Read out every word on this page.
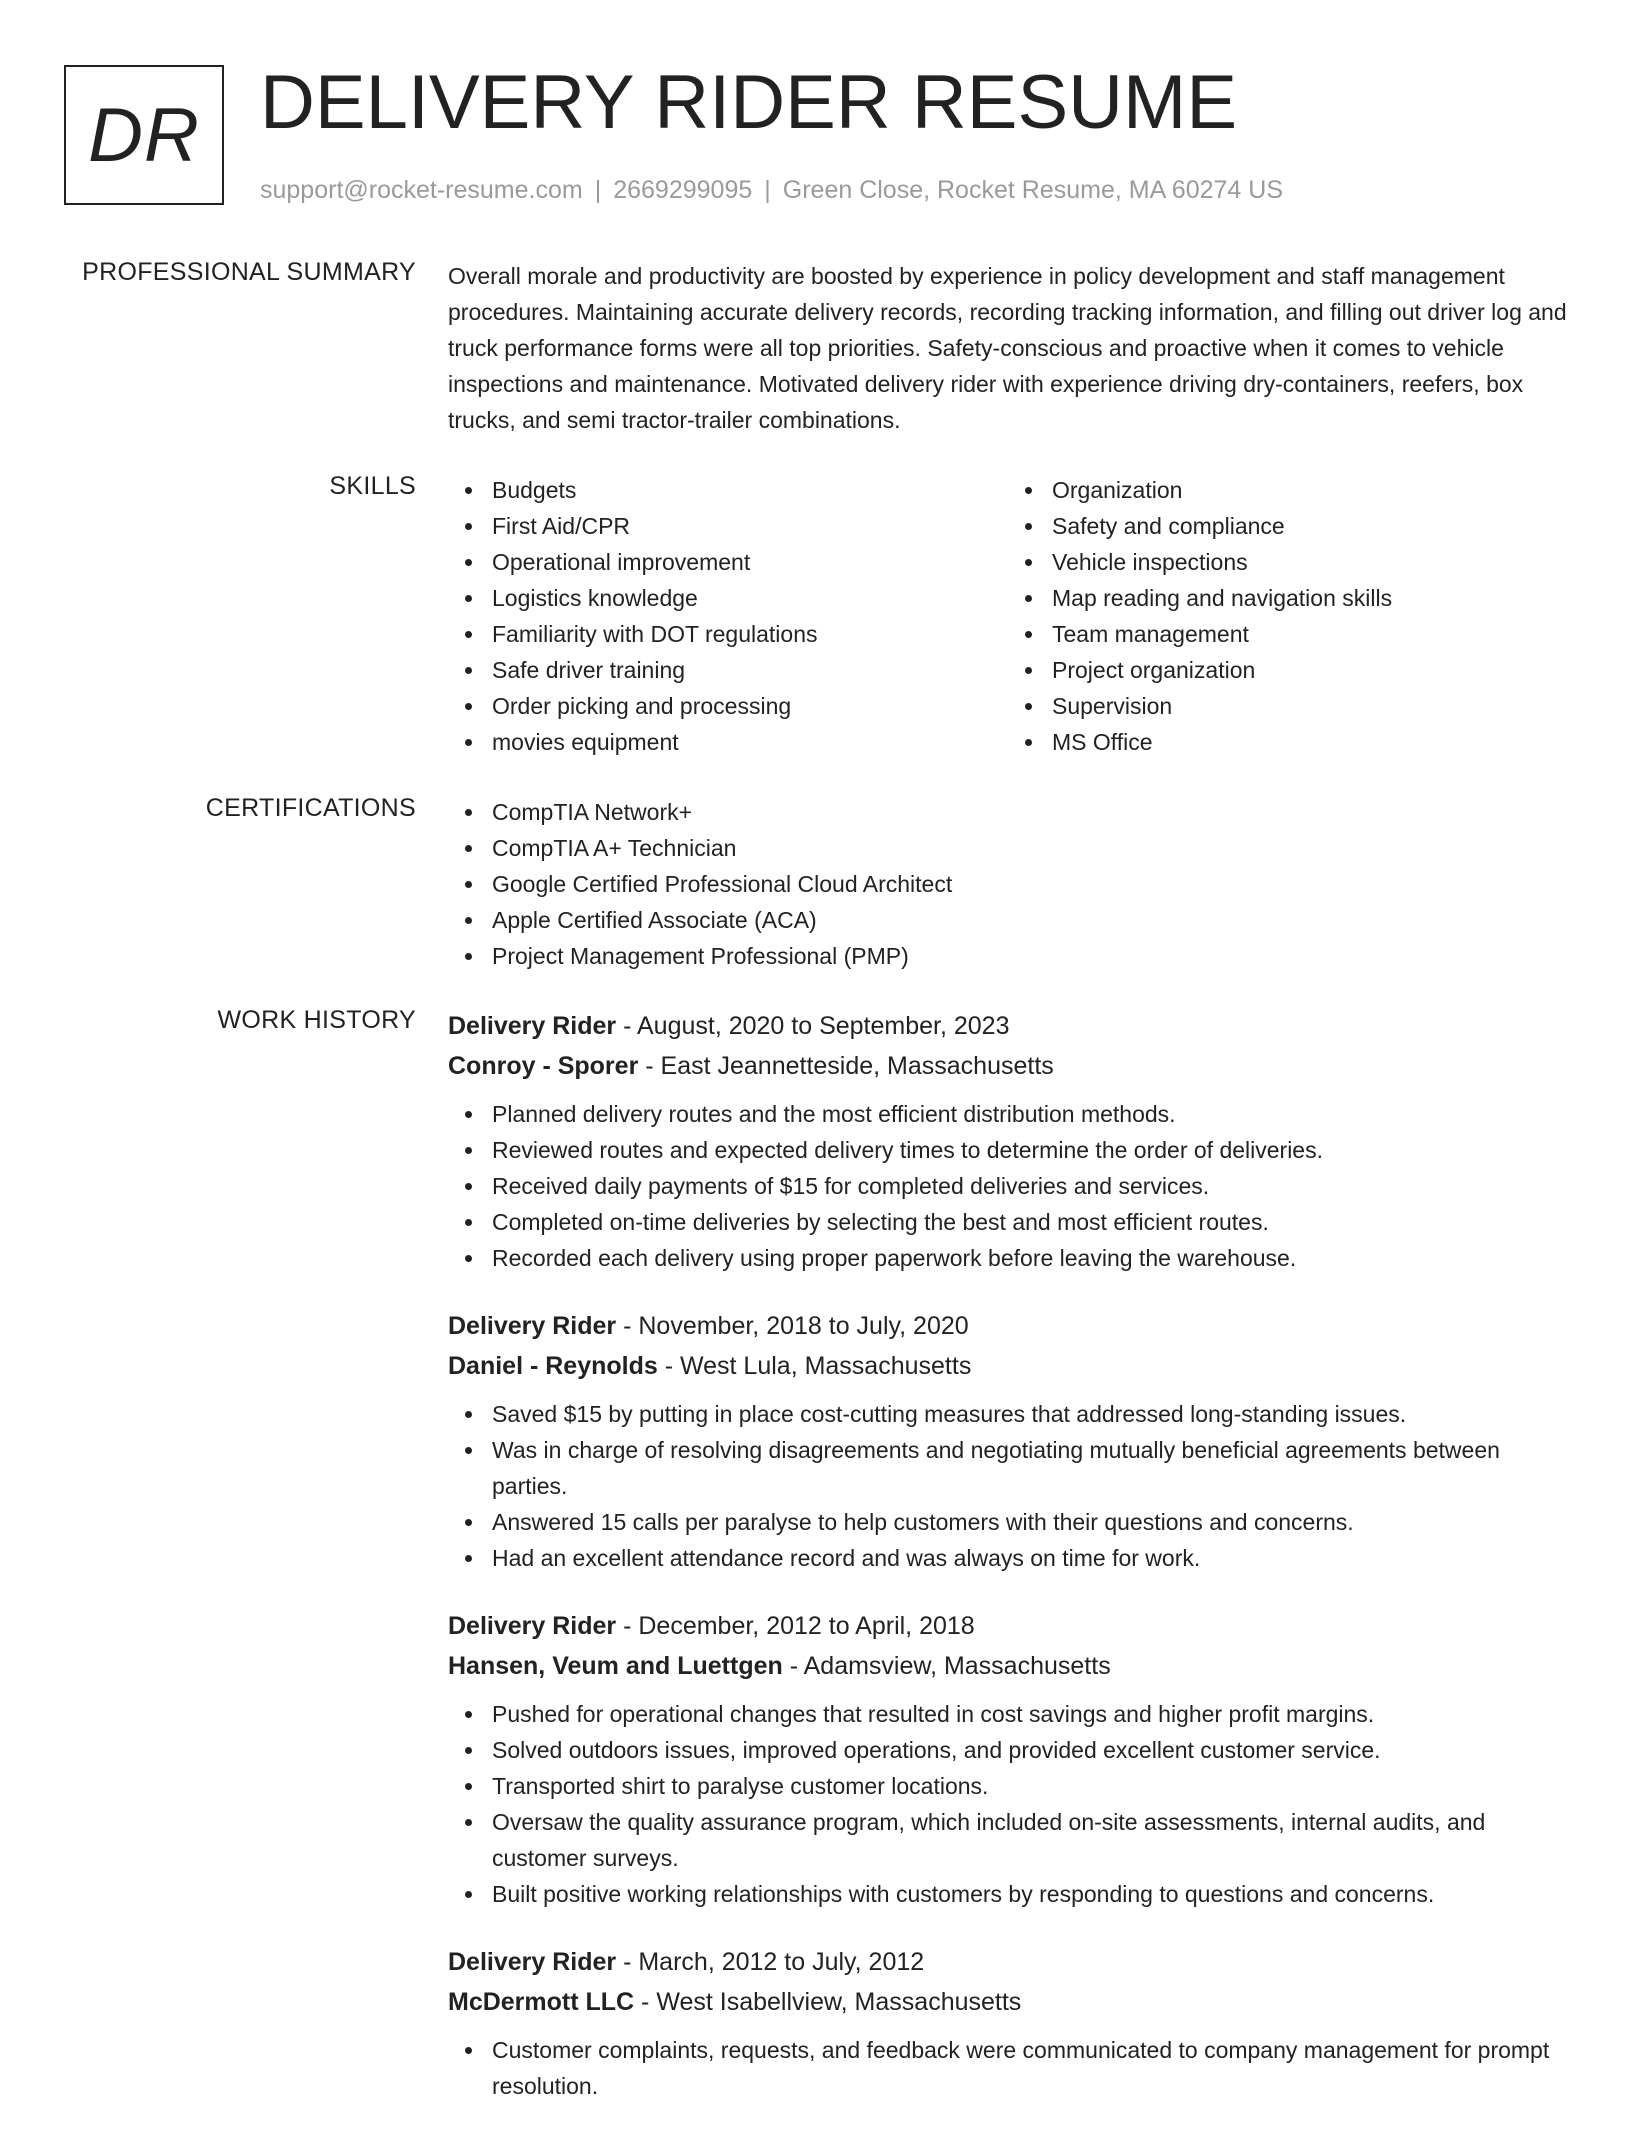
DR DELIVERY RIDER RESUME
support@rocket-resume.com | 2669299095 | Green Close, Rocket Resume, MA 60274 US
PROFESSIONAL SUMMARY Overall morale and productivity are boosted by experience in policy development and staff management procedures. Maintaining accurate delivery records, recording tracking information, and filling out driver log and truck performance forms were all top priorities. Safety-conscious and proactive when it comes to vehicle inspections and maintenance. Motivated delivery rider with experience driving dry-containers, reefers, box trucks, and semi tractor-trailer combinations.

SKILLS	Budgets
First Aid/CPR
Operational improvement
Logistics knowledge
Familiarity with DOT regulations
Safe driver training
Order picking and processing
movies equipment
Organization
Safety and compliance
Vehicle inspections
Map reading and navigation skills
Team management
Project organization
Supervision
MS Office
CERTIFICATIONS	CompTIA Network+
CompTIA A+ Technician
Google Certified Professional Cloud Architect
Apple Certified Associate (ACA)
Project Management Professional (PMP)
WORK HISTORY Delivery Rider - August, 2020 to September, 2023
Conroy - Sporer - East Jeannetteside, Massachusetts
Planned delivery routes and the most efficient distribution methods.
Reviewed routes and expected delivery times to determine the order of deliveries.
Received daily payments of $15 for completed deliveries and services.
Completed on-time deliveries by selecting the best and most efficient routes.
Recorded each delivery using proper paperwork before leaving the warehouse.
Delivery Rider - November, 2018 to July, 2020
Daniel - Reynolds - West Lula, Massachusetts
Saved $15 by putting in place cost-cutting measures that addressed long-standing issues.
Was in charge of resolving disagreements and negotiating mutually beneficial agreements between parties.
Answered 15 calls per paralyse to help customers with their questions and concerns.
Had an excellent attendance record and was always on time for work.
Delivery Rider - December, 2012 to April, 2018
Hansen, Veum and Luettgen - Adamsview, Massachusetts
Pushed for operational changes that resulted in cost savings and higher profit margins.
Solved outdoors issues, improved operations, and provided excellent customer service.
Transported shirt to paralyse customer locations.
Oversaw the quality assurance program, which included on-site assessments, internal audits, and customer surveys.
Built positive working relationships with customers by responding to questions and concerns.
Delivery Rider - March, 2012 to July, 2012
McDermott LLC - West Isabellview, Massachusetts
Customer complaints, requests, and feedback were communicated to company management for prompt resolution.
